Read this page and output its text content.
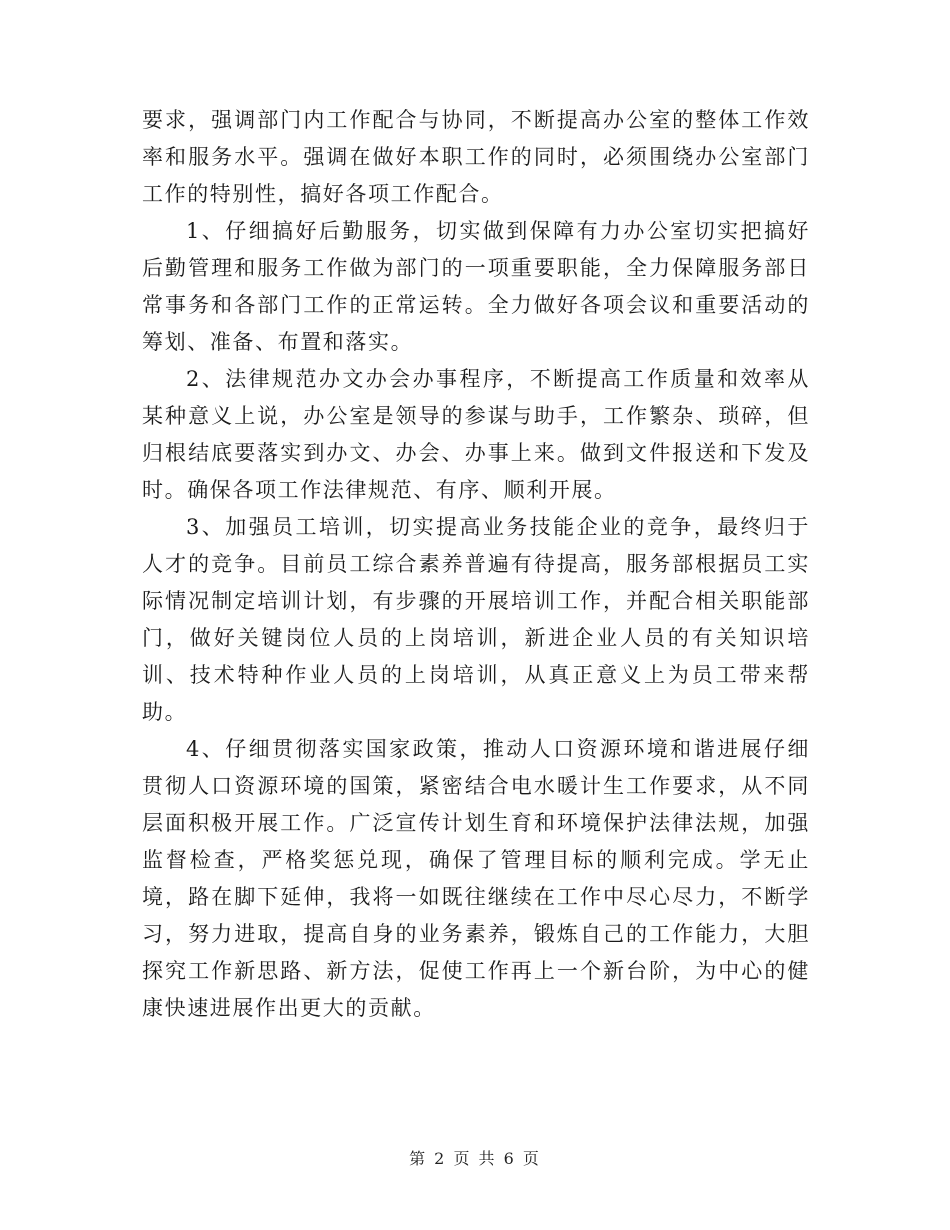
要求，强调部门内工作配合与协同，不断提高办公室的整体工作效率和服务水平。强调在做好本职工作的同时，必须围绕办公室部门工作的特别性，搞好各项工作配合。

1、仔细搞好后勤服务，切实做到保障有力办公室切实把搞好后勤管理和服务工作做为部门的一项重要职能，全力保障服务部日常事务和各部门工作的正常运转。全力做好各项会议和重要活动的筹划、准备、布置和落实。

2、法律规范办文办会办事程序，不断提高工作质量和效率从某种意义上说，办公室是领导的参谋与助手，工作繁杂、琐碎，但归根结底要落实到办文、办会、办事上来。做到文件报送和下发及时。确保各项工作法律规范、有序、顺利开展。

3、加强员工培训，切实提高业务技能企业的竞争，最终归于人才的竞争。目前员工综合素养普遍有待提高，服务部根据员工实际情况制定培训计划，有步骤的开展培训工作，并配合相关职能部门，做好关键岗位人员的上岗培训，新进企业人员的有关知识培训、技术特种作业人员的上岗培训，从真正意义上为员工带来帮助。

4、仔细贯彻落实国家政策，推动人口资源环境和谐进展仔细贯彻人口资源环境的国策，紧密结合电水暖计生工作要求，从不同层面积极开展工作。广泛宣传计划生育和环境保护法律法规，加强监督检查，严格奖惩兑现，确保了管理目标的顺利完成。学无止境，路在脚下延伸，我将一如既往继续在工作中尽心尽力，不断学习，努力进取，提高自身的业务素养，锻炼自己的工作能力，大胆探究工作新思路、新方法，促使工作再上一个新台阶，为中心的健康快速进展作出更大的贡献。

第 2 页 共 6 页
